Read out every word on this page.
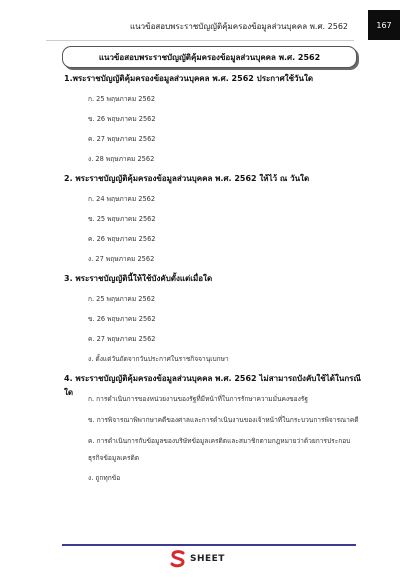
แนวข้อสอบพระราชบัญญัติคุ้มครองข้อมูลส่วนบุคคล พ.ศ. 2562	167
แนวข้อสอบพระราชบัญญัติคุ้มครองข้อมูลส่วนบุคคล พ.ศ. 2562

1.พระราชบัญญัติคุ้มครองข้อมูลส่วนบุคคล พ.ศ. 2562 ประกาศใช้วันใด

ก. 25 พฤษภาคม 2562

ข. 26 พฤษภาคม 2562

ค. 27 พฤษภาคม 2562

ง. 28 พฤษภาคม 2562

2. พระราชบัญญัติคุ้มครองข้อมูลส่วนบุคคล พ.ศ. 2562 ให้ไว้ ณ วันใด

ก. 24 พฤษภาคม 2562

ข. 25 พฤษภาคม 2562

ค. 26 พฤษภาคม 2562

ง. 27 พฤษภาคม 2562

3. พระราชบัญญัตินี้ให้ใช้บังคับตั้งแต่เมื่อใด

ก. 25 พฤษภาคม 2562

ข. 26 พฤษภาคม 2562

ค. 27 พฤษภาคม 2562

ง. ตั้งแต่วันถัดจากวันประกาศในราชกิจจานุเบกษา

4. พระราชบัญญัติคุ้มครองข้อมูลส่วนบุคคล พ.ศ. 2562 ไม่สามารถบังคับใช้ได้ในกรณีใด

ก. การดำเนินการของหน่วยงานของรัฐที่มีหน้าที่ในการรักษาความมั่นคงของรัฐ

ข. การพิจารณาพิพากษาคดีของศาลและการดำเนินงานของเจ้าหน้าที่ในกระบวนการพิจารณาคดี

ค. การดำเนินการกับข้อมูลของบริษัทข้อมูลเครดิตและสมาชิกตามกฎหมายว่าด้วยการประกอบธุรกิจข้อมูลเครดิต

ง. ถูกทุกข้อ

SHEET
